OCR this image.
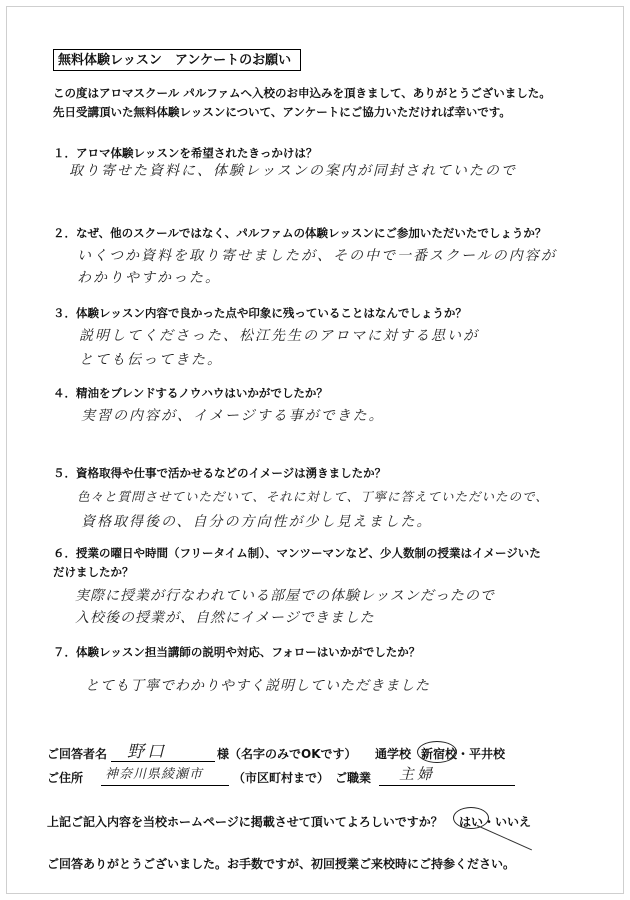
無料体験レッスン　アンケートのお願い
この度はアロマスクール パルファムへ入校のお申込みを頂きまして、ありがとうございました。
先日受講頂いた無料体験レッスンについて、アンケートにご協力いただければ幸いです。
１．アロマ体験レッスンを希望されたきっかけは？
取り寄せた資料に、体験レッスンの案内が同封されていたので
２．なぜ、他のスクールではなく、パルファムの体験レッスンにご参加いただいたでしょうか？
いくつか資料を取り寄せましたが、その中で一番スクールの内容が
わかりやすかった。
３．体験レッスン内容で良かった点や印象に残っていることはなんでしょうか？
説明してくださった、松江先生のアロマに対する思いが
とても伝ってきた。
４．精油をブレンドするノウハウはいかがでしたか？
実習の内容が、イメージする事ができた。
５．資格取得や仕事で活かせるなどのイメージは湧きましたか？
色々と質問させていただいて、それに対して、丁寧に答えていただいたので、
資格取得後の、自分の方向性が少し見えました。
６．授業の曜日や時間（フリータイム制）、マンツーマンなど、少人数制の授業はイメージいた
だけましたか？
実際に授業が行なわれている部屋での体験レッスンだったので
入校後の授業が、自然にイメージできました
７．体験レッスン担当講師の説明や対応、フォローはいかがでしたか？
とても丁寧でわかりやすく説明していただきました
ご回答者名 野口	様（名字のみでOKです） 通学校 新宿校・平井校
ご住所 神奈川県綾瀬市 （市区町村まで） ご職業 主婦
上記ご記入内容を当校ホームページに掲載させて頂いてよろしいですか？ はい・いいえ
ご回答ありがとうございました。お手数ですが、初回授業ご来校時にご持参ください。
